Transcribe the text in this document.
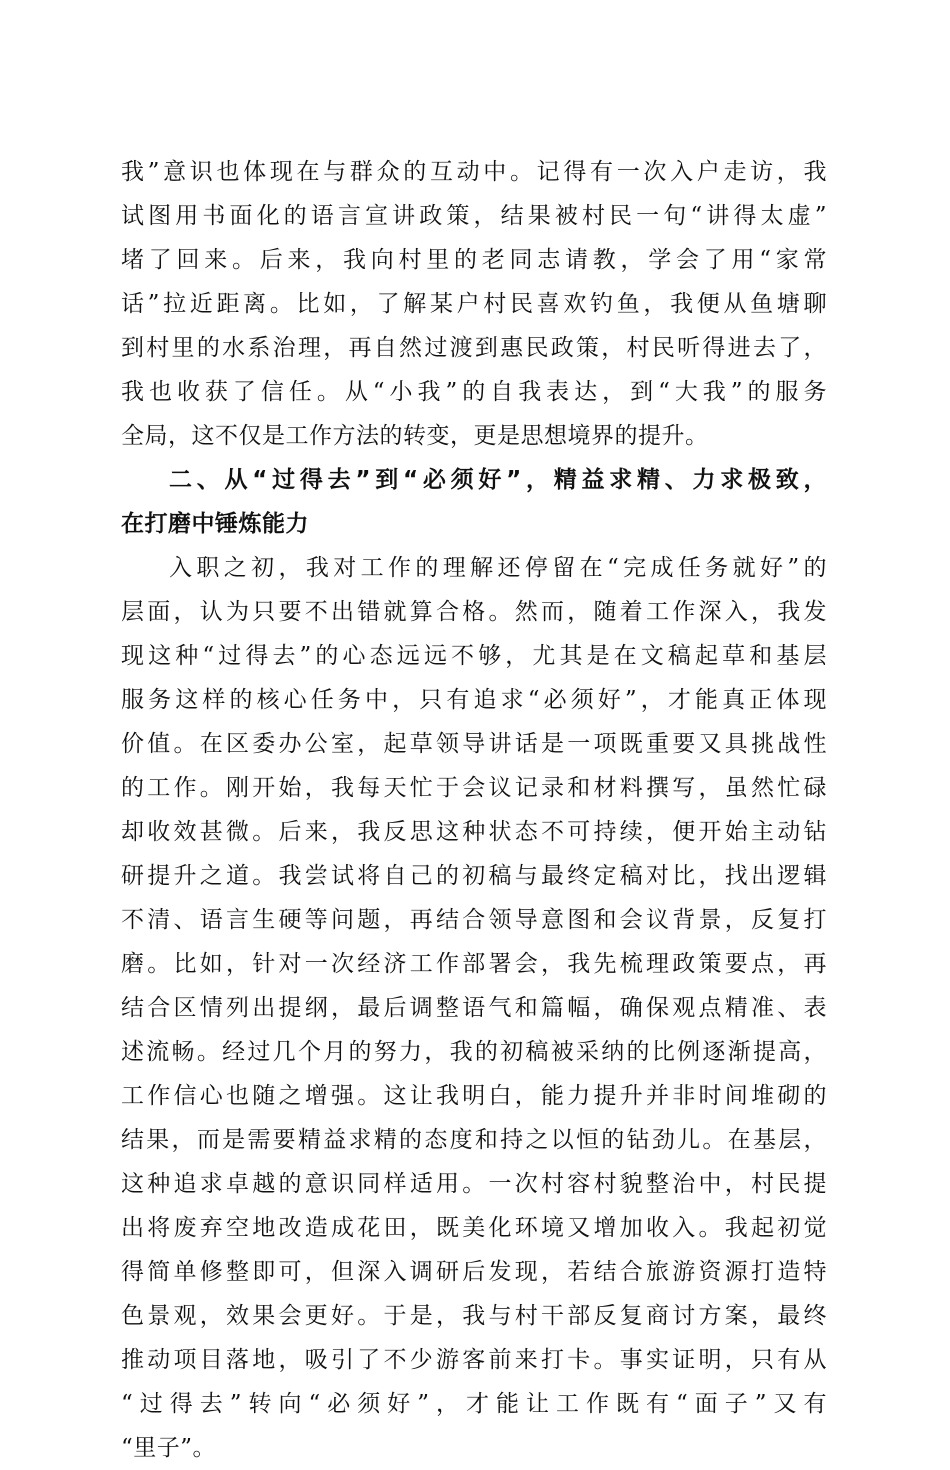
我”意识也体现在与群众的互动中。记得有一次入户走访，我
试图用书面化的语言宣讲政策，结果被村民一句“讲得太虚”
堵了回来。后来，我向村里的老同志请教，学会了用“家常
话”拉近距离。比如，了解某户村民喜欢钓鱼，我便从鱼塘聊
到村里的水系治理，再自然过渡到惠民政策，村民听得进去了，
我也收获了信任。从“小我”的自我表达，到“大我”的服务
全局，这不仅是工作方法的转变，更是思想境界的提升。
二、从“过得去”到“必须好”，精益求精、力求极致，
在打磨中锤炼能力
入职之初，我对工作的理解还停留在“完成任务就好”的
层面，认为只要不出错就算合格。然而，随着工作深入，我发
现这种“过得去”的心态远远不够，尤其是在文稿起草和基层
服务这样的核心任务中，只有追求“必须好”，才能真正体现
价值。在区委办公室，起草领导讲话是一项既重要又具挑战性
的工作。刚开始，我每天忙于会议记录和材料撰写，虽然忙碌
却收效甚微。后来，我反思这种状态不可持续，便开始主动钻
研提升之道。我尝试将自己的初稿与最终定稿对比，找出逻辑
不清、语言生硬等问题，再结合领导意图和会议背景，反复打
磨。比如，针对一次经济工作部署会，我先梳理政策要点，再
结合区情列出提纲，最后调整语气和篇幅，确保观点精准、表
述流畅。经过几个月的努力，我的初稿被采纳的比例逐渐提高，
工作信心也随之增强。这让我明白，能力提升并非时间堆砌的
结果，而是需要精益求精的态度和持之以恒的钻劲儿。在基层，
这种追求卓越的意识同样适用。一次村容村貌整治中，村民提
出将废弃空地改造成花田，既美化环境又增加收入。我起初觉
得简单修整即可，但深入调研后发现，若结合旅游资源打造特
色景观，效果会更好。于是，我与村干部反复商讨方案，最终
推动项目落地，吸引了不少游客前来打卡。事实证明，只有从
“过得去”转向“必须好”，才能让工作既有“面子”又有
“里子”。
